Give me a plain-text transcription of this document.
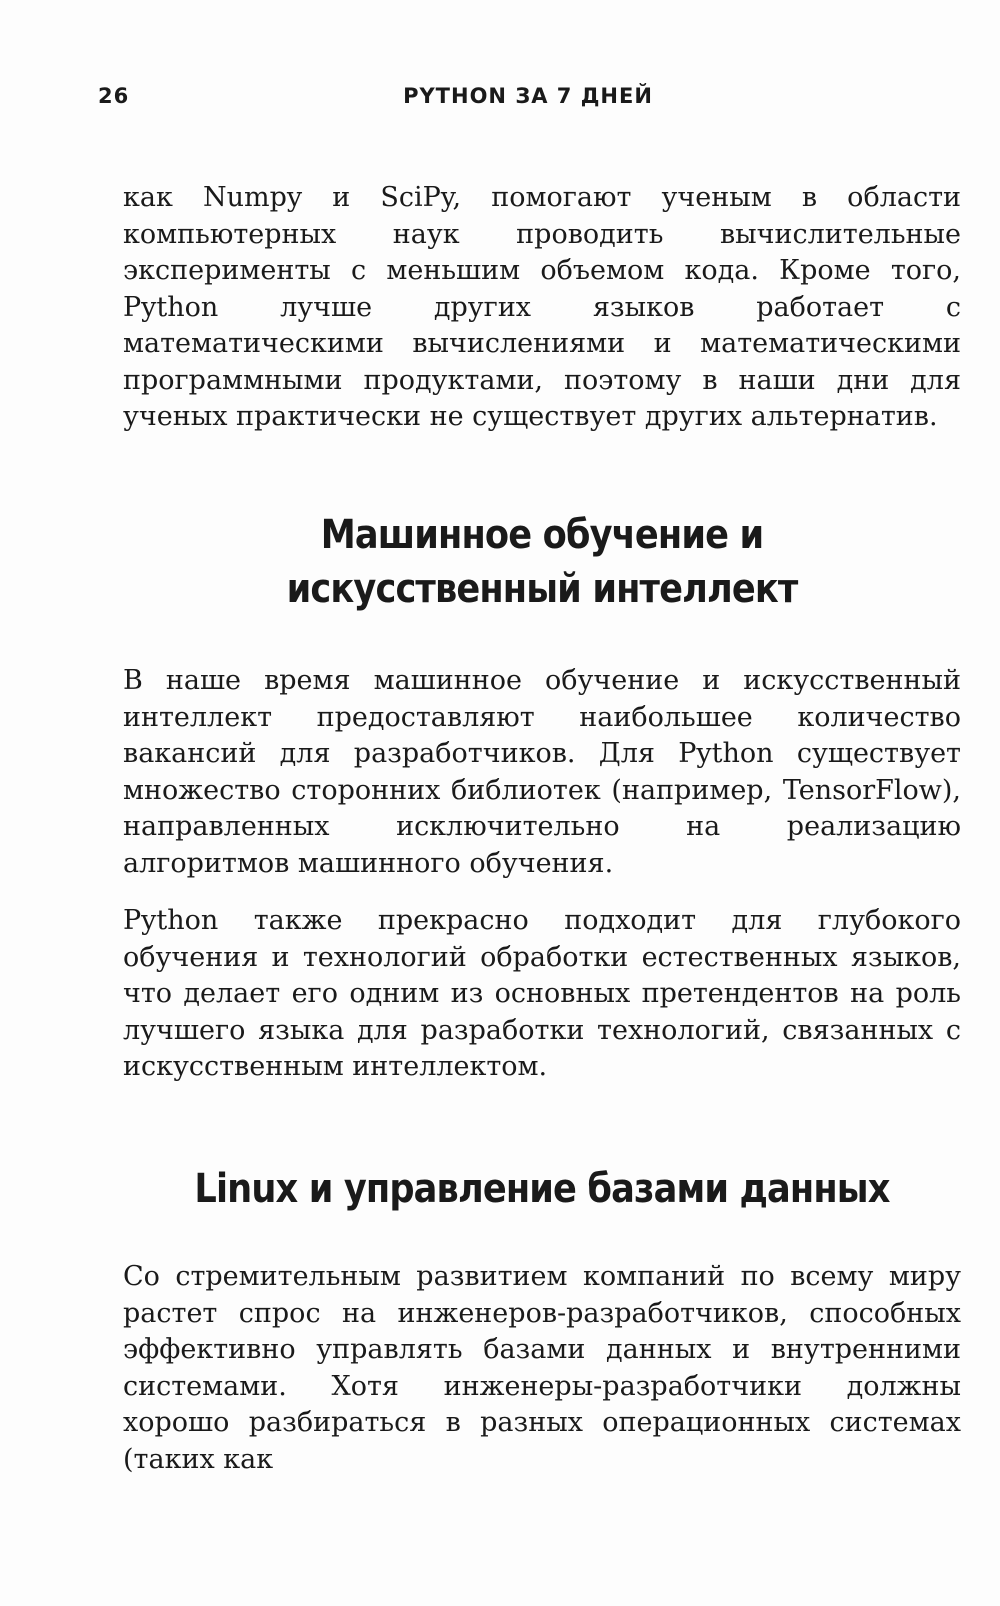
26	PYTHON ЗА 7 ДНЕЙ

как Numpy и SciPy, помогают ученым в области компьютерных наук проводить вычислительные эксперименты с меньшим объемом кода. Кроме того, Python лучше других языков работает с математическими вычислениями и математическими программными продуктами, поэтому в наши дни для ученых практически не существует других альтернатив.

Машинное обучение и искусственный интеллект

В наше время машинное обучение и искусственный интеллект предоставляют наибольшее количество вакансий для разработчиков. Для Python существует множество сторонних библиотек (например, TensorFlow), направленных исключительно на реализацию алгоритмов машинного обучения.

Python также прекрасно подходит для глубокого обучения и технологий обработки естественных языков, что делает его одним из основных претендентов на роль лучшего языка для разработки технологий, связанных с искусственным интеллектом.

Linux и управление базами данных

Со стремительным развитием компаний по всему миру растет спрос на инженеров-разработчиков, способных эффективно управлять базами данных и внутренними системами. Хотя инженеры-разработчики должны хорошо разбираться в разных операционных системах (таких как
